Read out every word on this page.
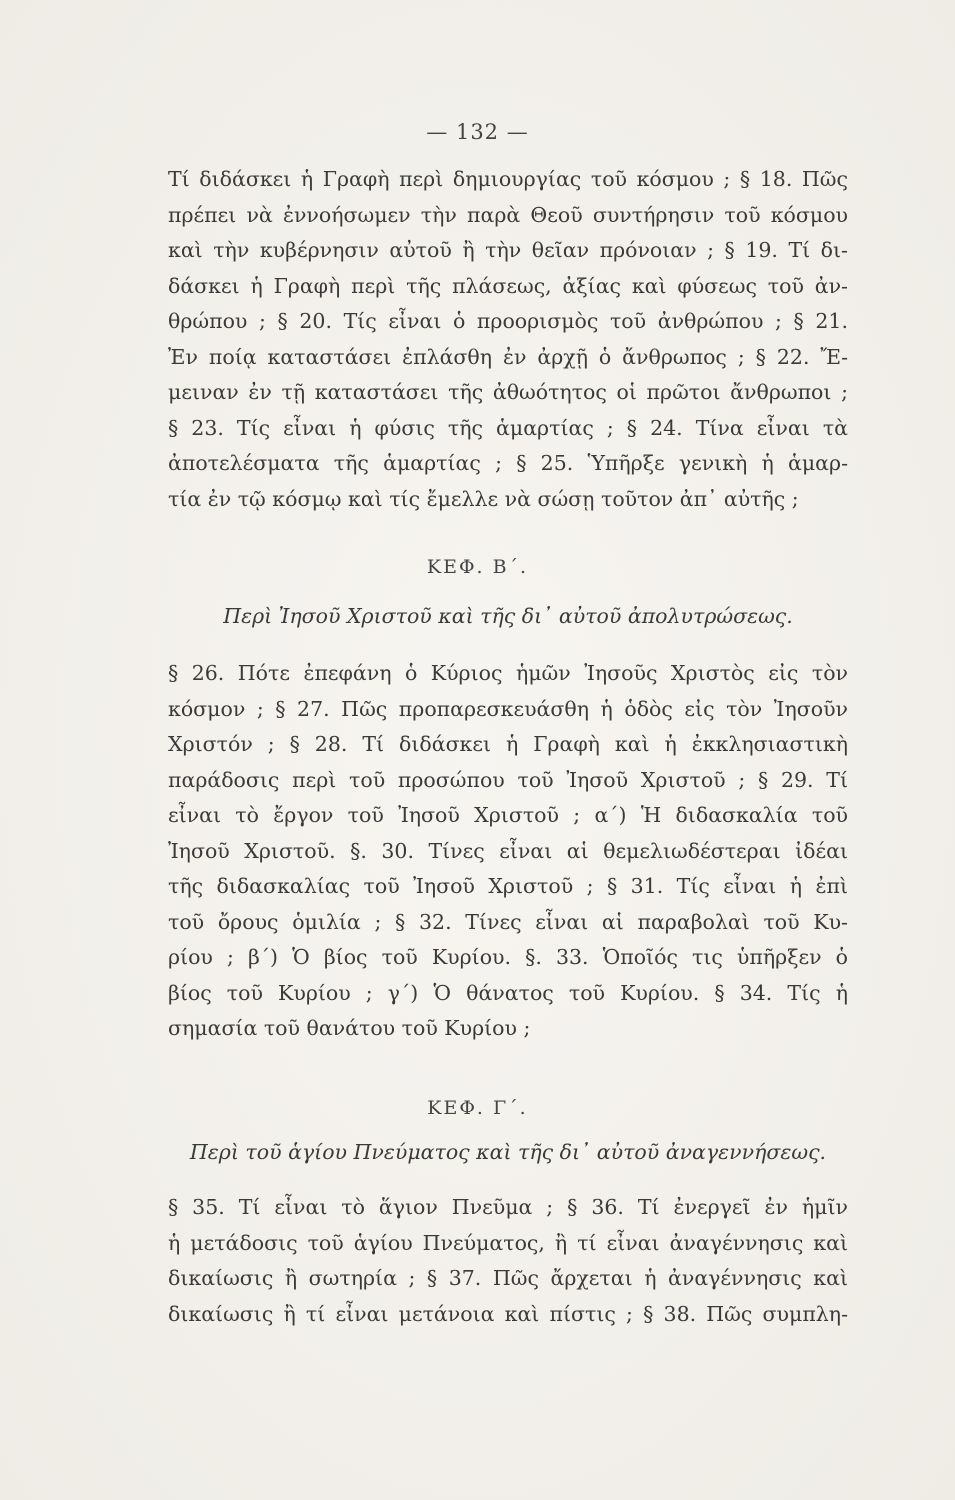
— 132 —
Τί διδάσκει ἡ Γραφὴ περὶ δημιουργίας τοῦ κόσμου ; § 18. Πῶς
πρέπει νὰ ἐννοήσωμεν τὴν παρὰ Θεοῦ συντήρησιν τοῦ κόσμου
καὶ τὴν κυβέρνησιν αὐτοῦ ἢ τὴν θεῖαν πρόνοιαν ; § 19. Τί δι-
δάσκει ἡ Γραφὴ περὶ τῆς πλάσεως, ἀξίας καὶ φύσεως τοῦ ἀν-
θρώπου ; § 20. Τίς εἶναι ὁ προορισμὸς τοῦ ἀνθρώπου ; § 21.
Ἐν ποίᾳ καταστάσει ἐπλάσθη ἐν ἀρχῇ ὁ ἄνθρωπος ; § 22. Ἔ-
μειναν ἐν τῇ καταστάσει τῆς ἀθωότητος οἱ πρῶτοι ἄνθρωποι ;
§ 23. Τίς εἶναι ἡ φύσις τῆς ἁμαρτίας ; § 24. Τίνα εἶναι τὰ
ἀποτελέσματα τῆς ἁμαρτίας ; § 25. Ὑπῆρξε γενικὴ ἡ ἁμαρ-
τία ἐν τῷ κόσμῳ καὶ τίς ἔμελλε νὰ σώσῃ τοῦτον ἀπ᾽ αὐτῆς ;
ΚΕΦ. Β΄.
Περὶ Ἰησοῦ Χριστοῦ καὶ τῆς δι᾽ αὐτοῦ ἀπολυτρώσεως.
§ 26. Πότε ἐπεφάνη ὁ Κύριος ἡμῶν Ἰησοῦς Χριστὸς εἰς τὸν
κόσμον ; § 27. Πῶς προπαρεσκευάσθη ἡ ὁδὸς εἰς τὸν Ἰησοῦν
Χριστόν ; § 28. Τί διδάσκει ἡ Γραφὴ καὶ ἡ ἐκκλησιαστικὴ
παράδοσις περὶ τοῦ προσώπου τοῦ Ἰησοῦ Χριστοῦ ; § 29. Τί
εἶναι τὸ ἔργον τοῦ Ἰησοῦ Χριστοῦ ; α΄) Ἡ διδασκαλία τοῦ
Ἰησοῦ Χριστοῦ. §. 30. Τίνες εἶναι αἱ θεμελιωδέστεραι ἰδέαι
τῆς διδασκαλίας τοῦ Ἰησοῦ Χριστοῦ ; § 31. Τίς εἶναι ἡ ἐπὶ
τοῦ ὄρους ὁμιλία ; § 32. Τίνες εἶναι αἱ παραβολαὶ τοῦ Κυ-
ρίου ; β΄) Ὁ βίος τοῦ Κυρίου. §. 33. Ὁποῖός τις ὑπῆρξεν ὁ
βίος τοῦ Κυρίου ; γ΄) Ὁ θάνατος τοῦ Κυρίου. § 34. Τίς ἡ
σημασία τοῦ θανάτου τοῦ Κυρίου ;
ΚΕΦ. Γ΄.
Περὶ τοῦ ἁγίου Πνεύματος καὶ τῆς δι᾽ αὐτοῦ ἀναγεννήσεως.
§ 35. Τί εἶναι τὸ ἅγιον Πνεῦμα ; § 36. Τί ἐνεργεῖ ἐν ἡμῖν
ἡ μετάδοσις τοῦ ἁγίου Πνεύματος, ἢ τί εἶναι ἀναγέννησις καὶ
δικαίωσις ἢ σωτηρία ; § 37. Πῶς ἄρχεται ἡ ἀναγέννησις καὶ
δικαίωσις ἢ τί εἶναι μετάνοια καὶ πίστις ; § 38. Πῶς συμπλη-
